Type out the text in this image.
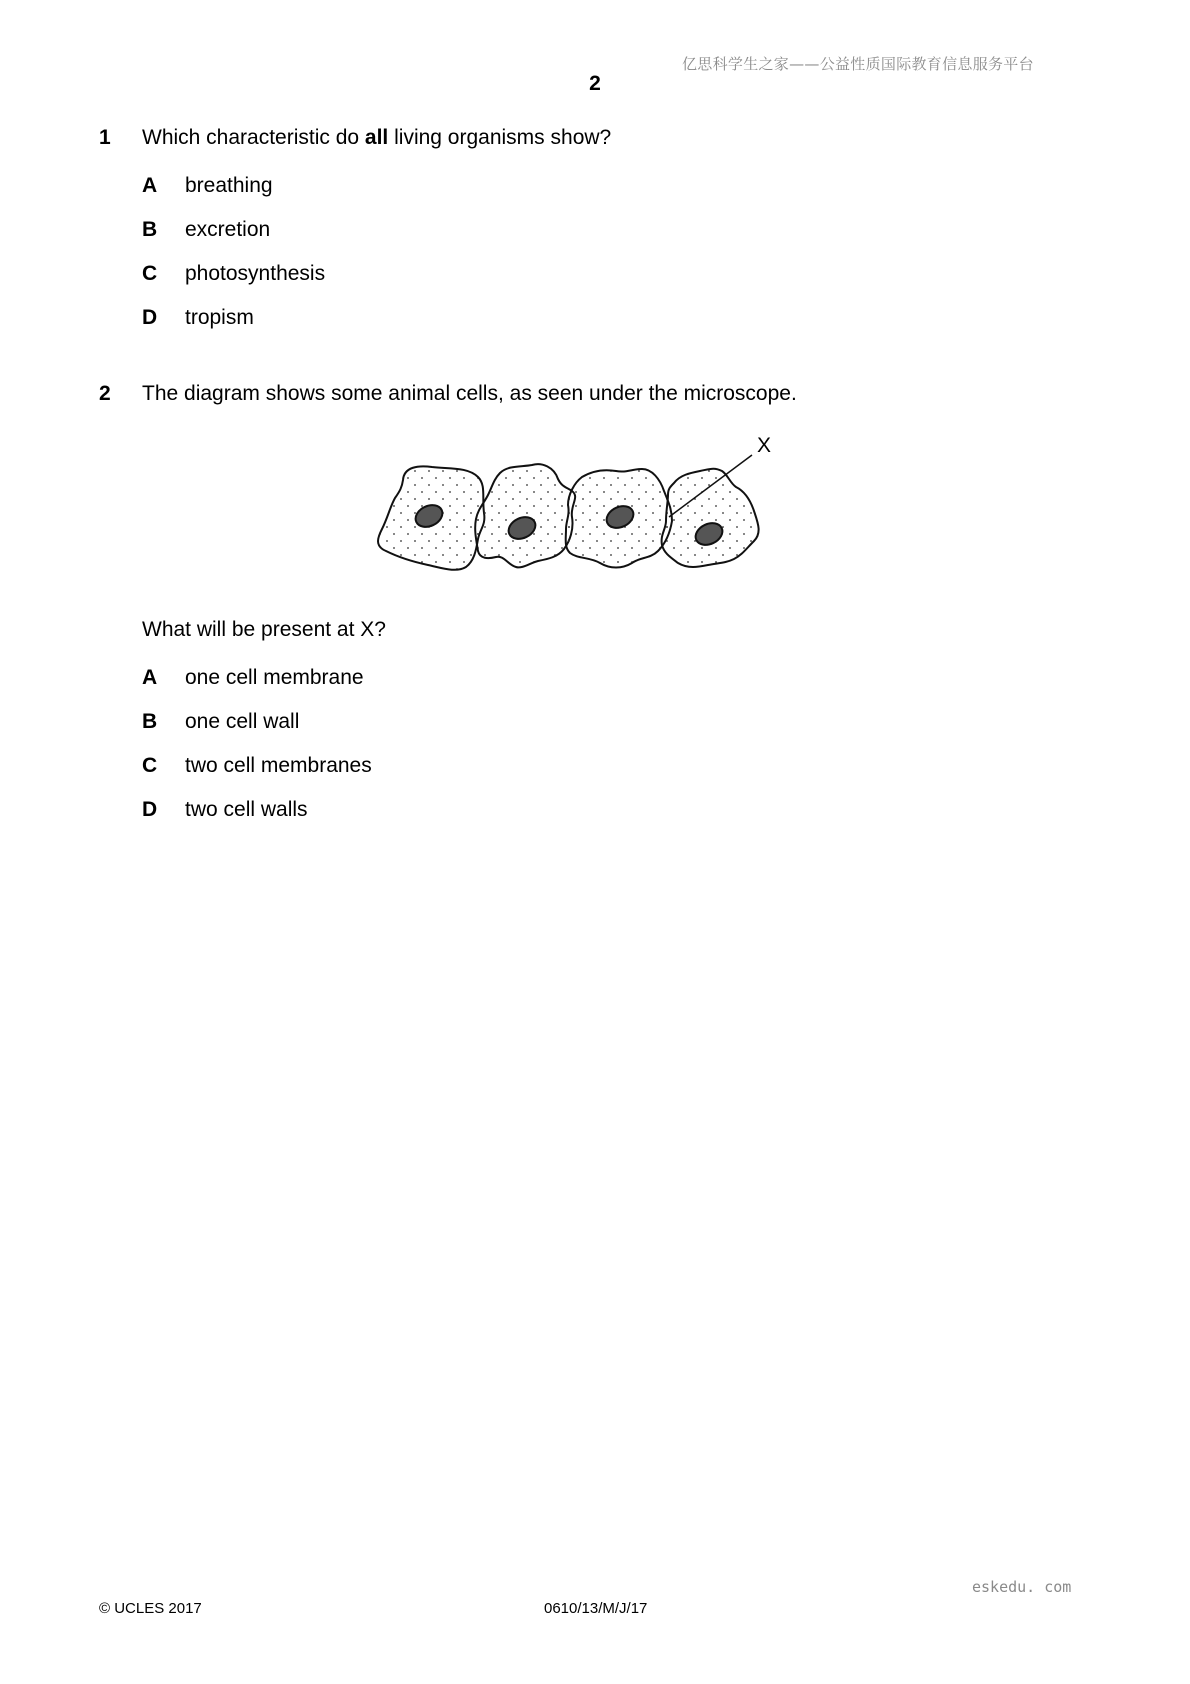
亿思科学生之家——公益性质国际教育信息服务平台
2
1 Which characteristic do all living organisms show?
A breathing
B excretion
C photosynthesis
D tropism
2 The diagram shows some animal cells, as seen under the microscope.
X
What will be present at X?
A one cell membrane
B one cell wall
C two cell membranes
D two cell walls
eskedu. com
© UCLES 2017	0610/13/M/J/17
